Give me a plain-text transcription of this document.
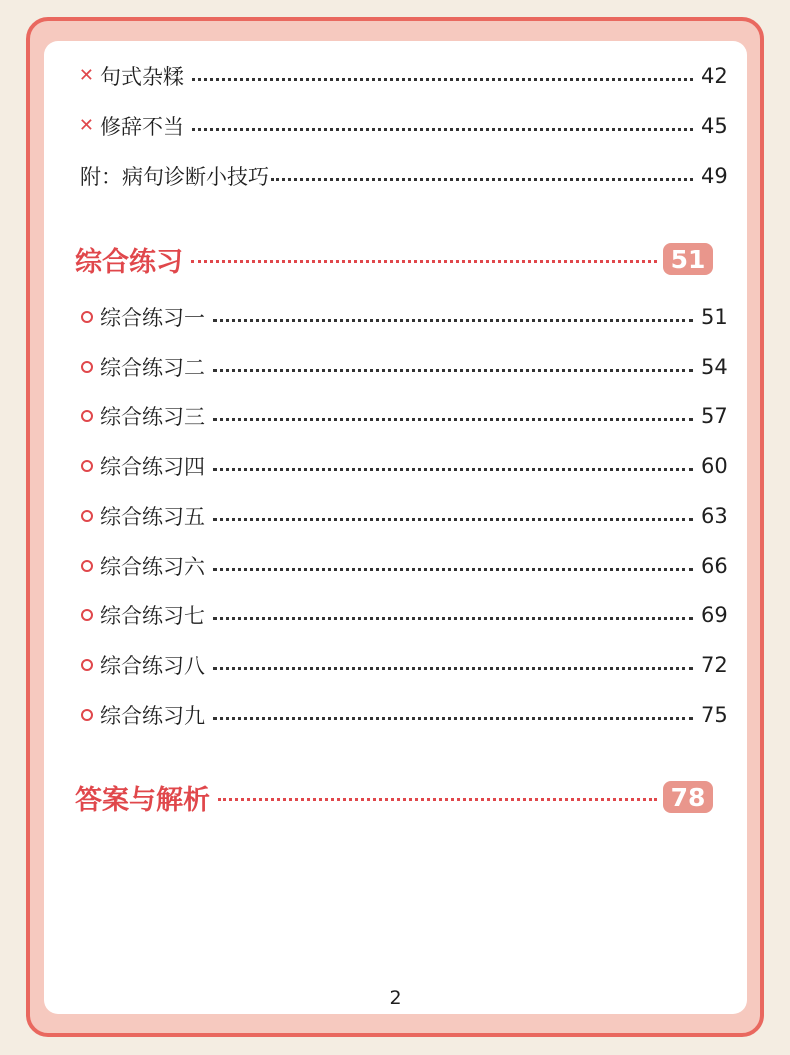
✕ 句式杂糅	42
✕ 修辞不当	45
附：病句诊断小技巧	49
综合练习	51
综合练习一	51
综合练习二	54
综合练习三	57
综合练习四	60
综合练习五	63
综合练习六	66
综合练习七	69
综合练习八	72
综合练习九	75
答案与解析	78
2
